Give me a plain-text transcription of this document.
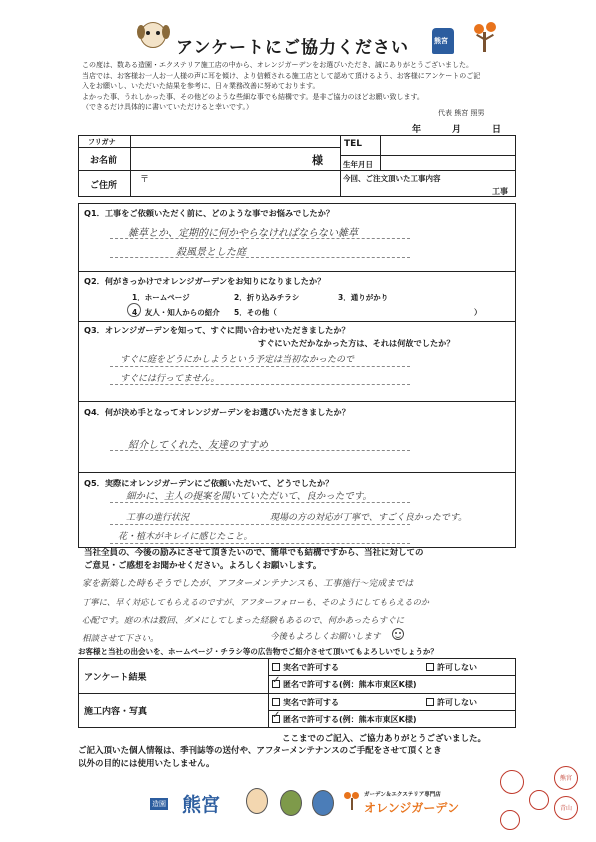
アンケートにご協力ください	熊宮
この度は、数ある造園・エクステリア施工店の中から、オレンジガーデンをお選びいただき、誠にありがとうございました。
当店では、お客様お一人お一人様の声に耳を傾け、より信頼される施工店として認めて頂けるよう、お客様にアンケートのご記
入をお願いし、いただいた結果を参考に、日々業務改善に努めております。
よかった事、うれしかった事、その他どのような些細な事でも結構です。是非ご協力のほどお願い致します。
（できるだけ具体的に書いていただけると幸いです。）
代表 熊宮 照男
年	月	日
フリガナ
お名前	様
TEL
生年月日
ご住所
〒	今回、ご注文頂いた工事内容
工事
Q1．工事をご依頼いただく前に、どのような事でお悩みでしたか？
雑草とか、定期的に何かやらなければならない雑草
殺風景とした庭
Q2．何がきっかけでオレンジガーデンをお知りになりましたか？
1．ホームページ	2．折り込みチラシ	3．通りがかり
4．友人・知人からの紹介 5．その他（	）
Q3．オレンジガーデンを知って、すぐに問い合わせいただきましたか？
すぐにいただかなかった方は、それは何故でしたか？
すぐに庭をどうにかしようという予定は当初なかったので
すぐには行ってません。
Q4．何が決め手となってオレンジガーデンをお選びいただきましたか？
紹介してくれた、友達のすすめ
Q5．実際にオレンジガーデンにご依頼いただいて、どうでしたか？
細かに、主人の提案を聞いていただいて、良かったです。
工事の進行状況	現場の方の対応が丁寧で、すごく良かったです。
花・植木がキレイに感じたこと。
当社全員の、今後の励みにさせて頂きたいので、簡単でも結構ですから、当社に対しての
ご意見・ご感想をお聞かせください。よろしくお願いします。
家を新築した時もそうでしたが、アフターメンテナンスも、工事施行～完成までは
丁寧に、早く対応してもらえるのですが、アフターフォローも、そのようにしてもらえるのか
心配です。庭の木は数回、ダメにしてしまった経験もあるので、何かあったらすぐに
相談させて下さい。	今後もよろしくお願いします
お客様と当社の出会いを、ホームページ・チラシ等の広告物でご紹介させて頂いてもよろしいでしょうか？
アンケート結果
実名で許可する	許可しない
✓匿名で許可する(例：熊本市東区K様)
施工内容・写真
実名で許可する	許可しない
✓匿名で許可する(例：熊本市東区K様)
ここまでのご記入、ご協力ありがとうございました。
ご記入頂いた個人情報は、季刊誌等の送付や、アフターメンテナンスのご手配をさせて頂くとき
以外の目的には使用いたしません。
造園 熊宮	ガーデン＆エクステリア専門店
オレンジガーデン
熊宮
青山
